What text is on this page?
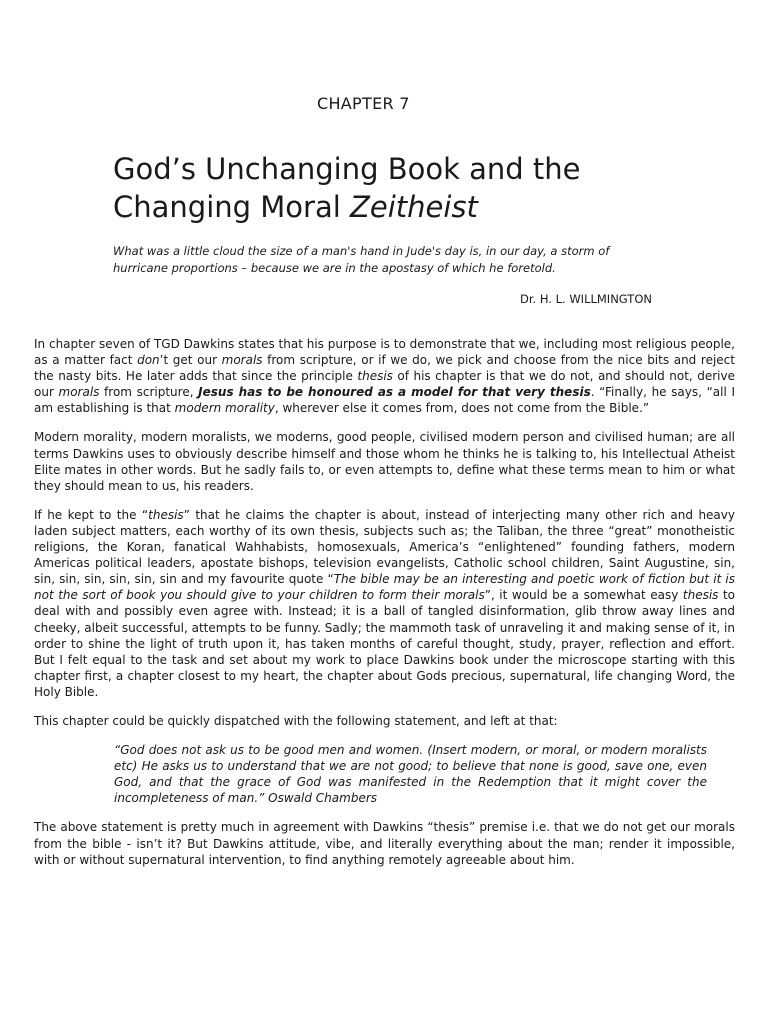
CHAPTER 7
God’s Unchanging Book and the
Changing Moral Zeitheist

What was a little cloud the size of a man's hand in Jude's day is, in our day, a storm of hurricane proportions – because we are in the apostasy of which he foretold.

Dr. H. L. WILLMINGTON

In chapter seven of TGD Dawkins states that his purpose is to demonstrate that we, including most religious people, as a matter fact don’t get our morals from scripture, or if we do, we pick and choose from the nice bits and reject the nasty bits. He later adds that since the principle thesis of his chapter is that we do not, and should not, derive our morals from scripture, Jesus has to be honoured as a model for that very thesis. “Finally, he says, “all I am establishing is that modern morality, wherever else it comes from, does not come from the Bible.”

Modern morality, modern moralists, we moderns, good people, civilised modern person and civilised human; are all terms Dawkins uses to obviously describe himself and those whom he thinks he is talking to, his Intellectual Atheist Elite mates in other words. But he sadly fails to, or even attempts to, define what these terms mean to him or what they should mean to us, his readers.

If he kept to the “thesis” that he claims the chapter is about, instead of interjecting many other rich and heavy laden subject matters, each worthy of its own thesis, subjects such as; the Taliban, the three “great” monotheistic religions, the Koran, fanatical Wahhabists, homosexuals, America’s “enlightened” founding fathers, modern Americas political leaders, apostate bishops, television evangelists, Catholic school children, Saint Augustine, sin, sin, sin, sin, sin, sin, sin and my favourite quote “The bible may be an interesting and poetic work of fiction but it is not the sort of book you should give to your children to form their morals”, it would be a somewhat easy thesis to deal with and possibly even agree with. Instead; it is a ball of tangled disinformation, glib throw away lines and cheeky, albeit successful, attempts to be funny. Sadly; the mammoth task of unraveling it and making sense of it, in order to shine the light of truth upon it, has taken months of careful thought, study, prayer, reflection and effort. But I felt equal to the task and set about my work to place Dawkins book under the microscope starting with this chapter first, a chapter closest to my heart, the chapter about Gods precious, supernatural, life changing Word, the Holy Bible.

This chapter could be quickly dispatched with the following statement, and left at that:

“God does not ask us to be good men and women. (Insert modern, or moral, or modern moralists etc) He asks us to understand that we are not good; to believe that none is good, save one, even God, and that the grace of God was manifested in the Redemption that it might cover the incompleteness of man.” Oswald Chambers

The above statement is pretty much in agreement with Dawkins “thesis” premise i.e. that we do not get our morals from the bible - isn’t it? But Dawkins attitude, vibe, and literally everything about the man; render it impossible, with or without supernatural intervention, to find anything remotely agreeable about him.
